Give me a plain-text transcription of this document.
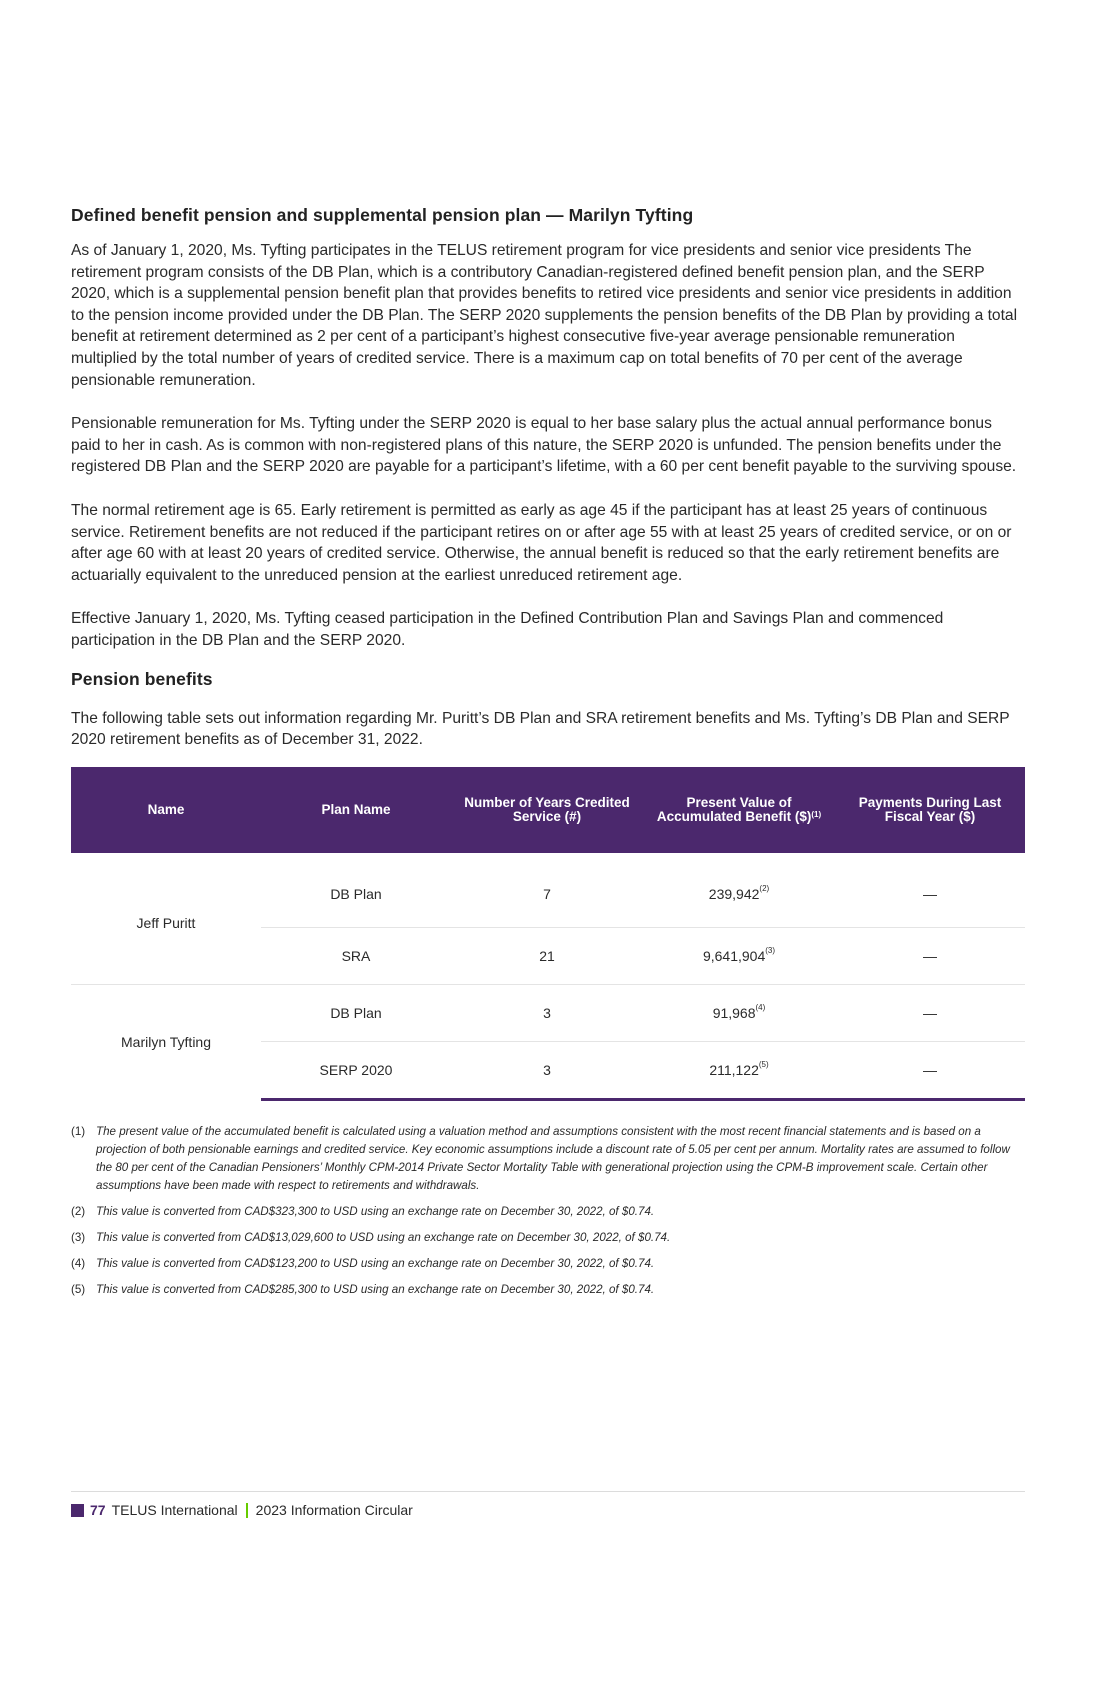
Defined benefit pension and supplemental pension plan — Marilyn Tyfting

As of January 1, 2020, Ms. Tyfting participates in the TELUS retirement program for vice presidents and senior vice presidents The retirement program consists of the DB Plan, which is a contributory Canadian-registered defined benefit pension plan, and the SERP 2020, which is a supplemental pension benefit plan that provides benefits to retired vice presidents and senior vice presidents in addition to the pension income provided under the DB Plan. The SERP 2020 supplements the pension benefits of the DB Plan by providing a total benefit at retirement determined as 2 per cent of a participant’s highest consecutive five-year average pensionable remuneration multiplied by the total number of years of credited service. There is a maximum cap on total benefits of 70 per cent of the average pensionable remuneration.

Pensionable remuneration for Ms. Tyfting under the SERP 2020 is equal to her base salary plus the actual annual performance bonus paid to her in cash. As is common with non-registered plans of this nature, the SERP 2020 is unfunded. The pension benefits under the registered DB Plan and the SERP 2020 are payable for a participant’s lifetime, with a 60 per cent benefit payable to the surviving spouse.

The normal retirement age is 65. Early retirement is permitted as early as age 45 if the participant has at least 25 years of continuous service. Retirement benefits are not reduced if the participant retires on or after age 55 with at least 25 years of credited service, or on or after age 60 with at least 20 years of credited service. Otherwise, the annual benefit is reduced so that the early retirement benefits are actuarially equivalent to the unreduced pension at the earliest unreduced retirement age.

Effective January 1, 2020, Ms. Tyfting ceased participation in the Defined Contribution Plan and Savings Plan and commenced participation in the DB Plan and the SERP 2020.

Pension benefits

The following table sets out information regarding Mr. Puritt’s DB Plan and SRA retirement benefits and Ms. Tyfting’s DB Plan and SERP 2020 retirement benefits as of December 31, 2022.

Name	Plan Name	Number of Years Credited Service (#)	Present Value of Accumulated Benefit ($)$^{(1)}$	Payments During Last Fiscal Year ($)
Jeff Puritt	DB Plan	7	239,942$^{(2)}$	—
	SRA	21	9,641,904$^{(3)}$	—
Marilyn Tyfting	DB Plan	3	91,968$^{(4)}$	—
	SERP 2020	3	211,122$^{(5)}$	—
(1) The present value of the accumulated benefit is calculated using a valuation method and assumptions consistent with the most recent financial statements and is based on a projection of both pensionable earnings and credited service. Key economic assumptions include a discount rate of 5.05 per cent per annum. Mortality rates are assumed to follow the 80 per cent of the Canadian Pensioners’ Monthly CPM-2014 Private Sector Mortality Table with generational projection using the CPM-B improvement scale. Certain other assumptions have been made with respect to retirements and withdrawals.
(2) This value is converted from CAD$323,300 to USD using an exchange rate on December 30, 2022, of $0.74.
(3) This value is converted from CAD$13,029,600 to USD using an exchange rate on December 30, 2022, of $0.74.
(4) This value is converted from CAD$123,200 to USD using an exchange rate on December 30, 2022, of $0.74.
(5) This value is converted from CAD$285,300 to USD using an exchange rate on December 30, 2022, of $0.74.
77 TELUS International 2023 Information Circular
